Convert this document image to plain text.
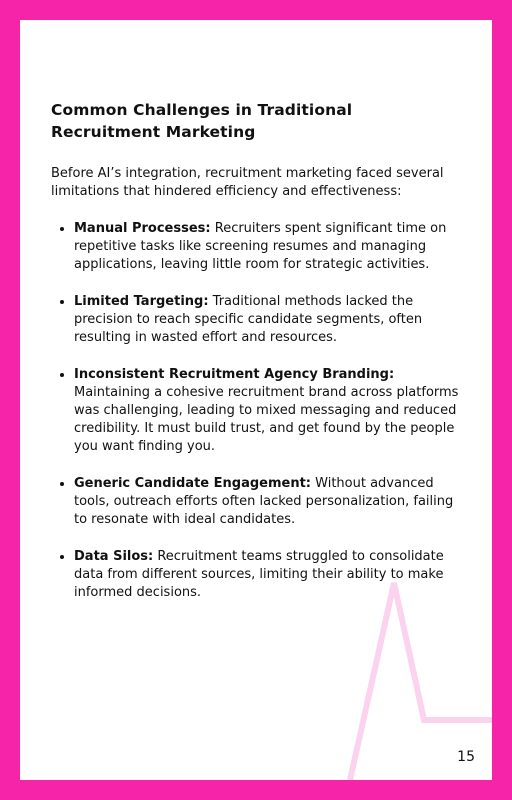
Common Challenges in Traditional Recruitment Marketing

Before AI’s integration, recruitment marketing faced several limitations that hindered efficiency and effectiveness:

• Manual Processes: Recruiters spent significant time on repetitive tasks like screening resumes and managing applications, leaving little room for strategic activities.
• Limited Targeting: Traditional methods lacked the precision to reach specific candidate segments, often resulting in wasted effort and resources.
• Inconsistent Recruitment Agency Branding: Maintaining a cohesive recruitment brand across platforms was challenging, leading to mixed messaging and reduced credibility. It must build trust, and get found by the people you want finding you.
• Generic Candidate Engagement: Without advanced tools, outreach efforts often lacked personalization, failing to resonate with ideal candidates.
• Data Silos: Recruitment teams struggled to consolidate data from different sources, limiting their ability to make informed decisions.
15
